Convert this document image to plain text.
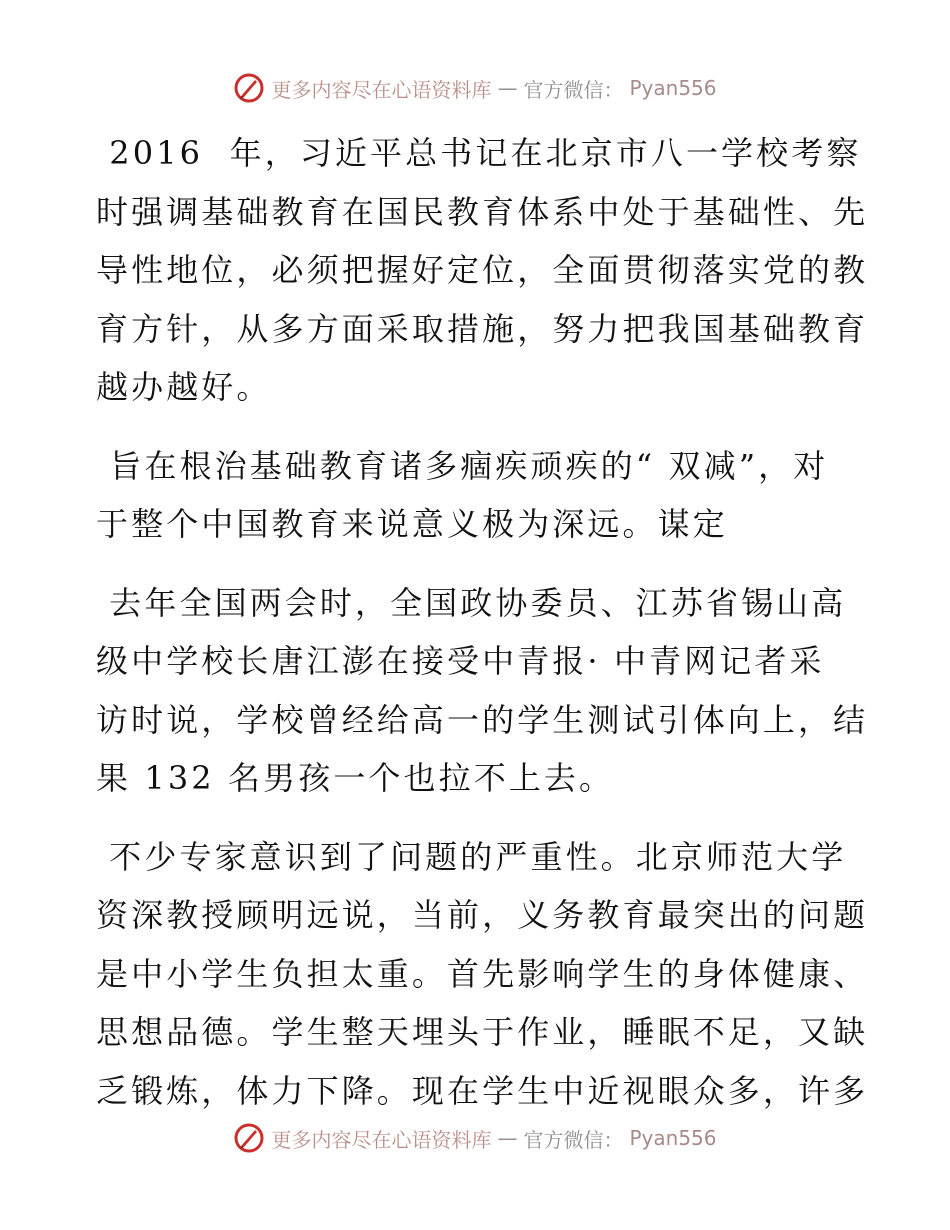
更多内容尽在心语资料库 — 官方微信： Pyan556

2016  年，习近平总书记在北京市八一学校考察
时强调基础教育在国民教育体系中处于基础性、先
导性地位，必须把握好定位，全面贯彻落实党的教
育方针，从多方面采取措施，努力把我国基础教育
越办越好。

旨在根治基础教育诸多痼疾顽疾的“ 双减”，对
于整个中国教育来说意义极为深远。谋定

去年全国两会时，全国政协委员、江苏省锡山高
级中学校长唐江澎在接受中青报· 中青网记者采
访时说，学校曾经给高一的学生测试引体向上，结
果 132 名男孩一个也拉不上去。

不少专家意识到了问题的严重性。北京师范大学
资深教授顾明远说，当前，义务教育最突出的问题
是中小学生负担太重。首先影响学生的身体健康、
思想品德。学生整天埋头于作业，睡眠不足，又缺
乏锻炼，体力下降。现在学生中近视眼众多，许多

更多内容尽在心语资料库 — 官方微信： Pyan556
